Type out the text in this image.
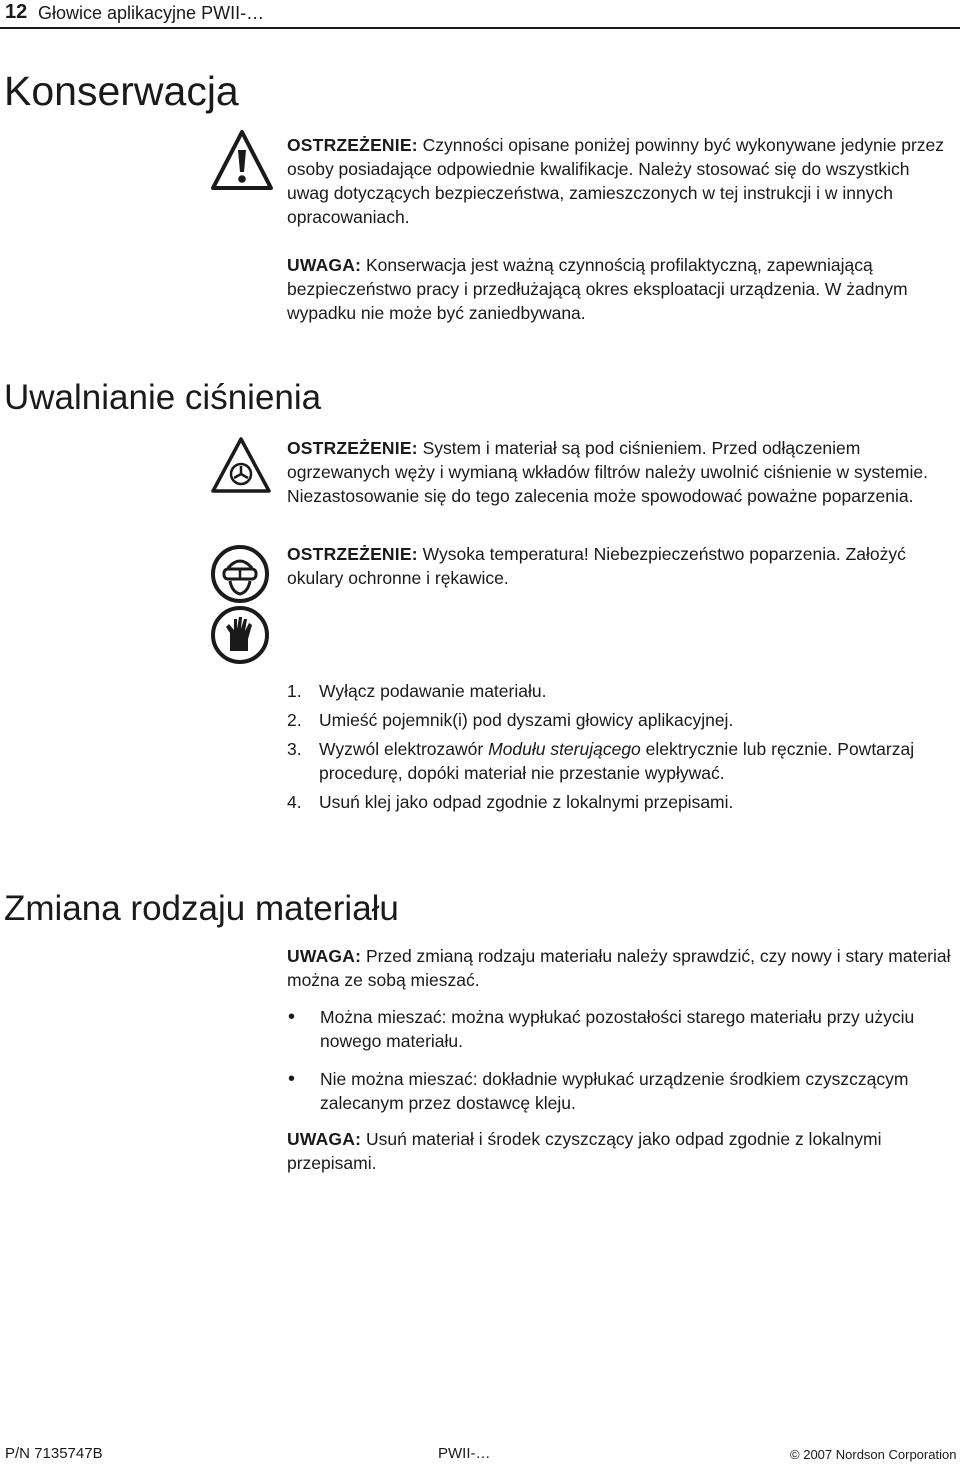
12 Głowice aplikacyjne PWII-…
Konserwacja
OSTRZEŻENIE: Czynności opisane poniżej powinny być wykonywane jedynie przez osoby posiadające odpowiednie kwalifikacje. Należy stosować się do wszystkich uwag dotyczących bezpieczeństwa, zamieszczonych w tej instrukcji i w innych opracowaniach.
UWAGA: Konserwacja jest ważną czynnością profilaktyczną, zapewniającą bezpieczeństwo pracy i przedłużającą okres eksploatacji urządzenia. W żadnym wypadku nie może być zaniedbywana.
Uwalnianie ciśnienia
OSTRZEŻENIE: System i materiał są pod ciśnieniem. Przed odłączeniem ogrzewanych węży i wymianą wkładów filtrów należy uwolnić ciśnienie w systemie. Niezastosowanie się do tego zalecenia może spowodować poważne poparzenia.
OSTRZEŻENIE: Wysoka temperatura! Niebezpieczeństwo poparzenia. Założyć okulary ochronne i rękawice.
1. Wyłącz podawanie materiału.
2. Umieść pojemnik(i) pod dyszami głowicy aplikacyjnej.
3. Wyzwól elektrozawór Modułu sterującego elektrycznie lub ręcznie. Powtarzaj procedurę, dopóki materiał nie przestanie wypływać.
4. Usuń klej jako odpad zgodnie z lokalnymi przepisami.
Zmiana rodzaju materiału
UWAGA: Przed zmianą rodzaju materiału należy sprawdzić, czy nowy i stary materiał można ze sobą mieszać.
•	Można mieszać: można wypłukać pozostałości starego materiału przy użyciu nowego materiału.
•	Nie można mieszać: dokładnie wypłukać urządzenie środkiem czyszczącym zalecanym przez dostawcę kleju.
UWAGA: Usuń materiał i środek czyszczący jako odpad zgodnie z lokalnymi przepisami.
P/N 7135747B	PWII-…	© 2007 Nordson Corporation
